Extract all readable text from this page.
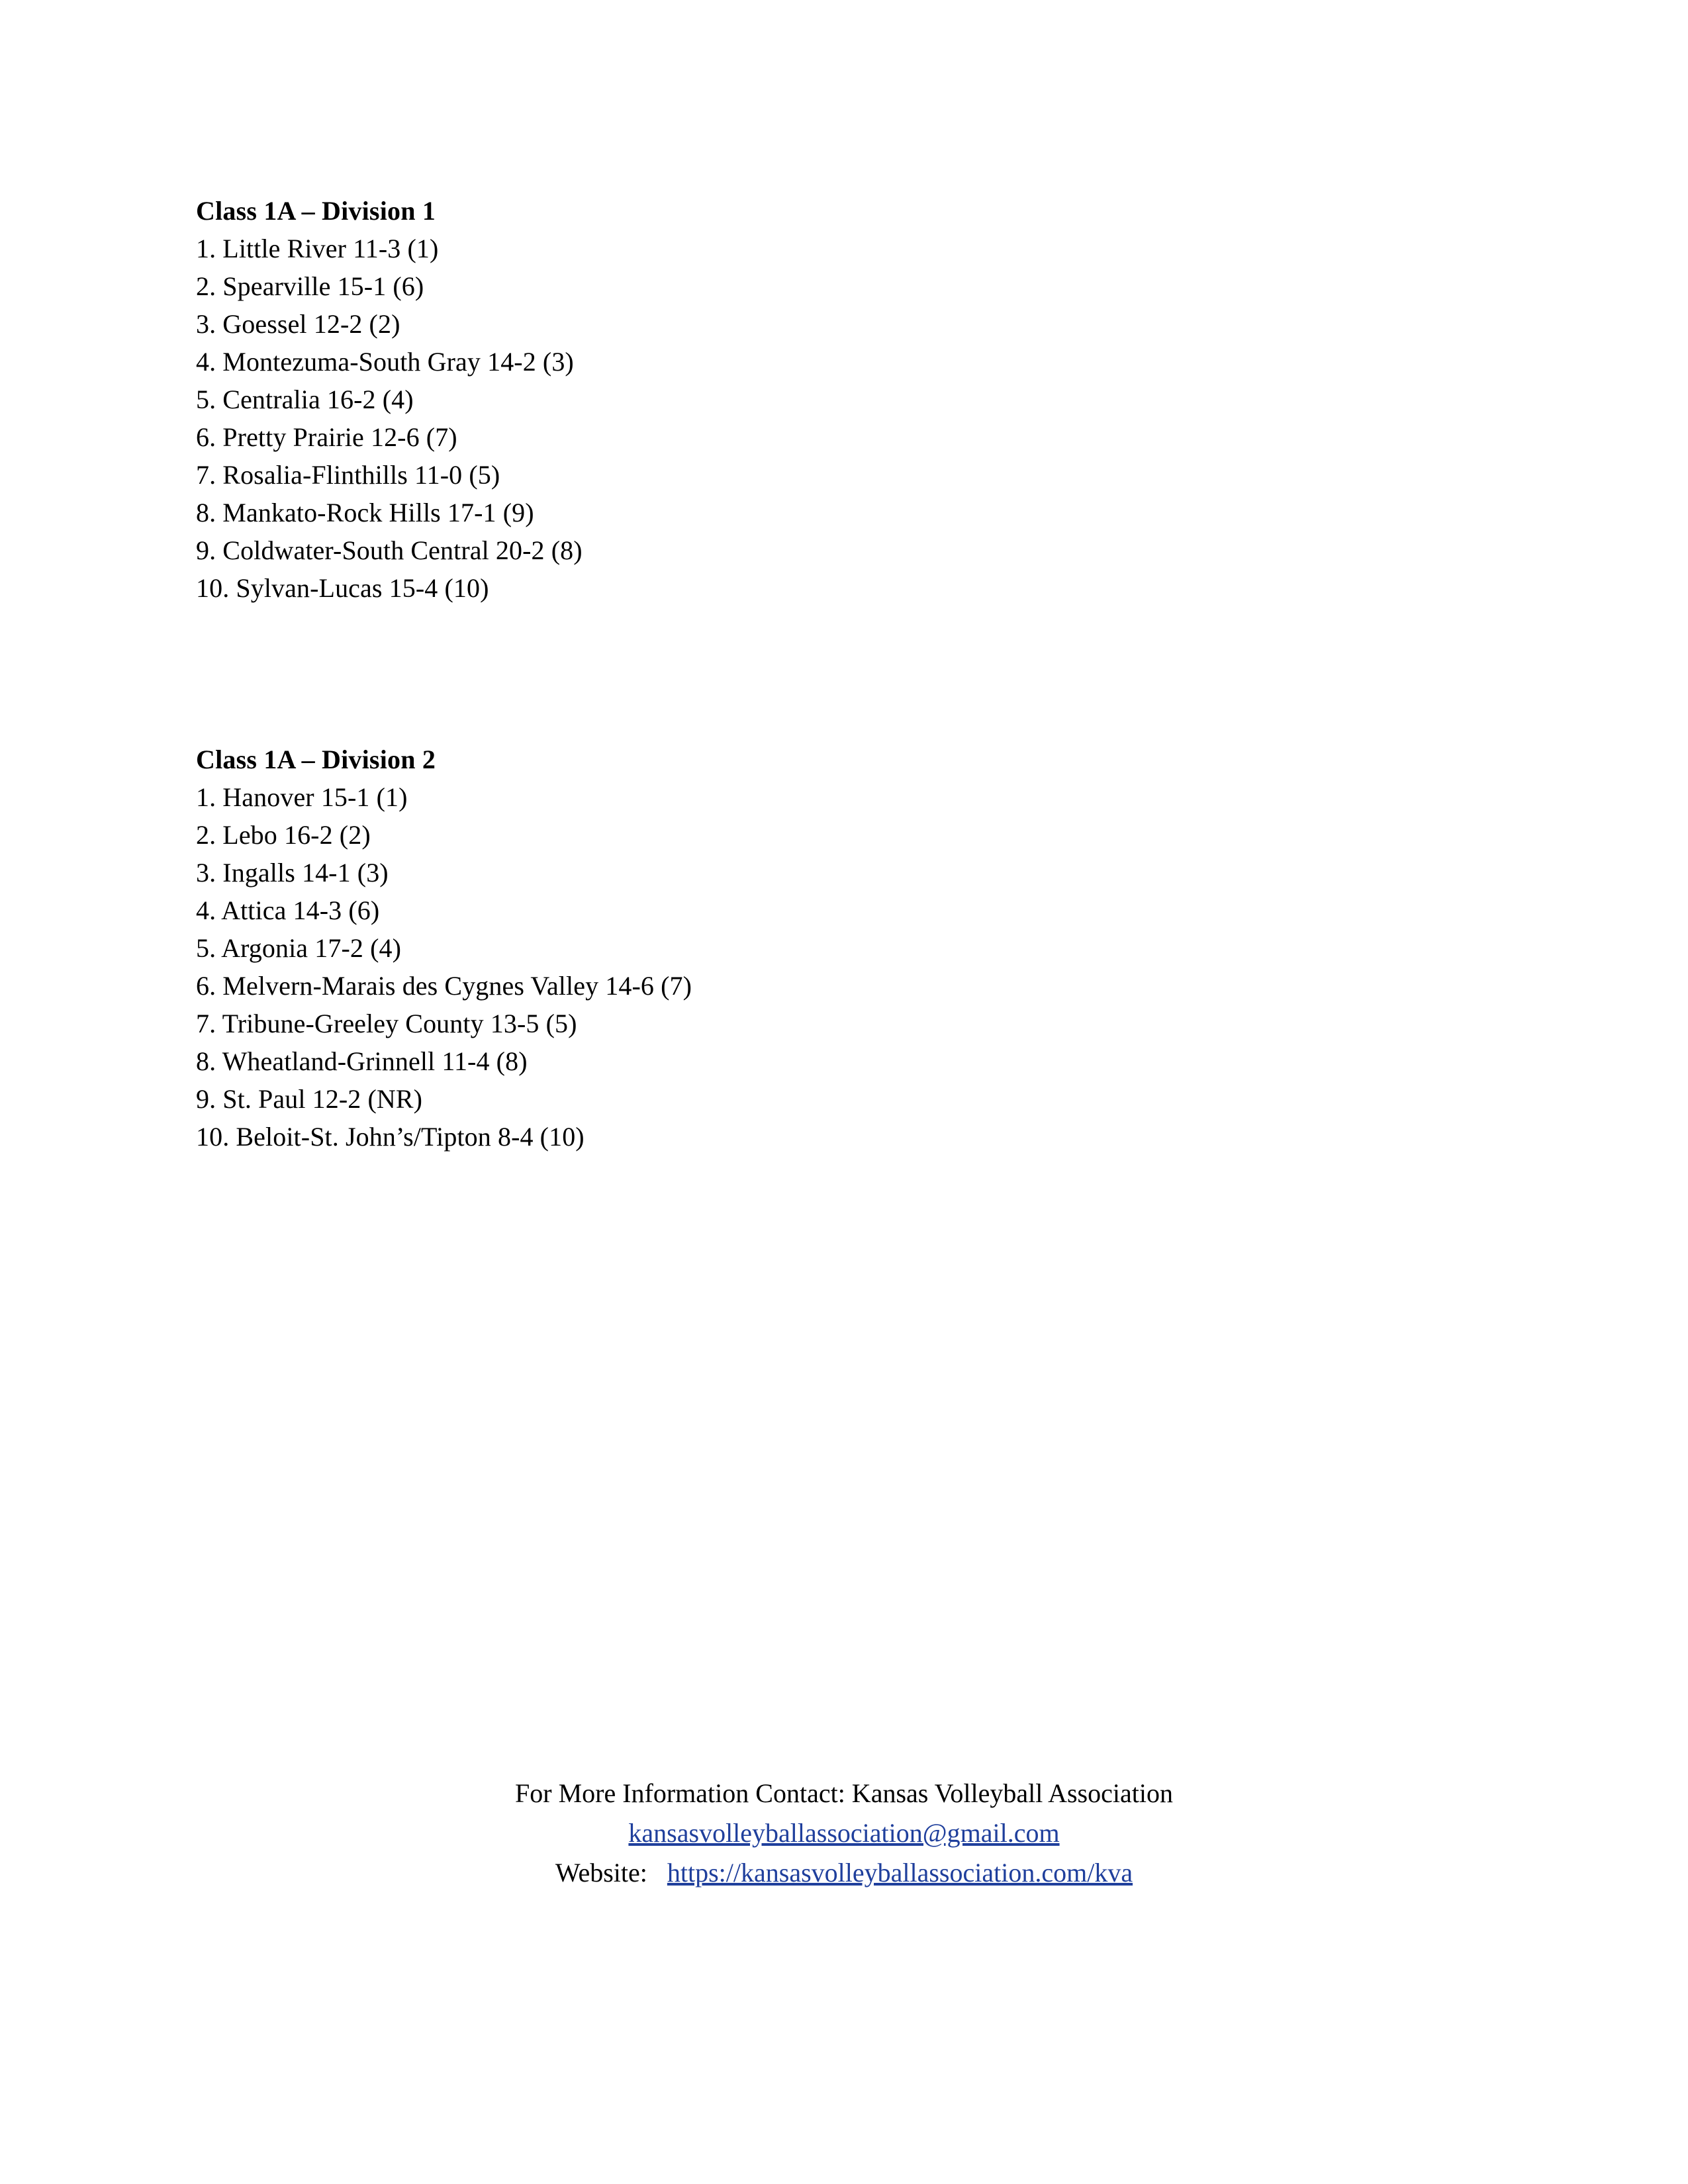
Class 1A – Division 1
1. Little River 11-3 (1)
2. Spearville 15-1 (6)
3. Goessel 12-2 (2)
4. Montezuma-South Gray 14-2 (3)
5. Centralia 16-2 (4)
6. Pretty Prairie 12-6 (7)
7. Rosalia-Flinthills 11-0 (5)
8. Mankato-Rock Hills 17-1 (9)
9. Coldwater-South Central 20-2 (8)
10. Sylvan-Lucas 15-4 (10)
Class 1A – Division 2
1. Hanover 15-1 (1)
2. Lebo 16-2 (2)
3. Ingalls 14-1 (3)
4. Attica 14-3 (6)
5. Argonia 17-2 (4)
6. Melvern-Marais des Cygnes Valley 14-6 (7)
7. Tribune-Greeley County 13-5 (5)
8. Wheatland-Grinnell 11-4 (8)
9. St. Paul 12-2 (NR)
10. Beloit-St. John’s/Tipton 8-4 (10)
For More Information Contact: Kansas Volleyball Association
kansasvolleyballassociation@gmail.com
Website: https://kansasvolleyballassociation.com/kva
